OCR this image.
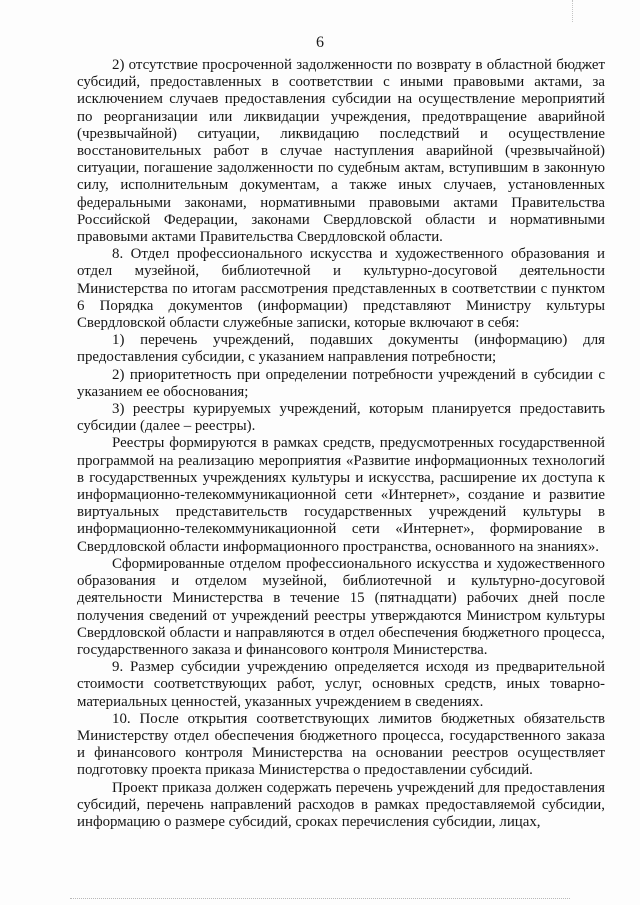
6

2) отсутствие просроченной задолженности по возврату в областной бюджет субсидий, предоставленных в соответствии с иными правовыми актами, за исключением случаев предоставления субсидии на осуществление мероприятий по реорганизации или ликвидации учреждения, предотвращение аварийной (чрезвычайной) ситуации, ликвидацию последствий и осуществление восстановительных работ в случае наступления аварийной (чрезвычайной) ситуации, погашение задолженности по судебным актам, вступившим в законную силу, исполнительным документам, а также иных случаев, установленных федеральными законами, нормативными правовыми актами Правительства Российской Федерации, законами Свердловской области и нормативными правовыми актами Правительства Свердловской области.

8. Отдел профессионального искусства и художественного образования и отдел музейной, библиотечной и культурно-досуговой деятельности Министерства по итогам рассмотрения представленных в соответствии с пунктом 6 Порядка документов (информации) представляют Министру культуры Свердловской области служебные записки, которые включают в себя:

1) перечень учреждений, подавших документы (информацию) для предоставления субсидии, с указанием направления потребности;

2) приоритетность при определении потребности учреждений в субсидии с указанием ее обоснования;

3) реестры курируемых учреждений, которым планируется предоставить субсидии (далее – реестры).

Реестры формируются в рамках средств, предусмотренных государственной программой на реализацию мероприятия «Развитие информационных технологий в государственных учреждениях культуры и искусства, расширение их доступа к информационно-телекоммуникационной сети «Интернет», создание и развитие виртуальных представительств государственных учреждений культуры в информационно-телекоммуникационной сети «Интернет», формирование в Свердловской области информационного пространства, основанного на знаниях».

Сформированные отделом профессионального искусства и художественного образования и отделом музейной, библиотечной и культурно-досуговой деятельности Министерства в течение 15 (пятнадцати) рабочих дней после получения сведений от учреждений реестры утверждаются Министром культуры Свердловской области и направляются в отдел обеспечения бюджетного процесса, государственного заказа и финансового контроля Министерства.

9. Размер субсидии учреждению определяется исходя из предварительной стоимости соответствующих работ, услуг, основных средств, иных товарно-материальных ценностей, указанных учреждением в сведениях.

10. После открытия соответствующих лимитов бюджетных обязательств Министерству отдел обеспечения бюджетного процесса, государственного заказа и финансового контроля Министерства на основании реестров осуществляет подготовку проекта приказа Министерства о предоставлении субсидий.

Проект приказа должен содержать перечень учреждений для предоставления субсидий, перечень направлений расходов в рамках предоставляемой субсидии, информацию о размере субсидий, сроках перечисления субсидии, лицах,
